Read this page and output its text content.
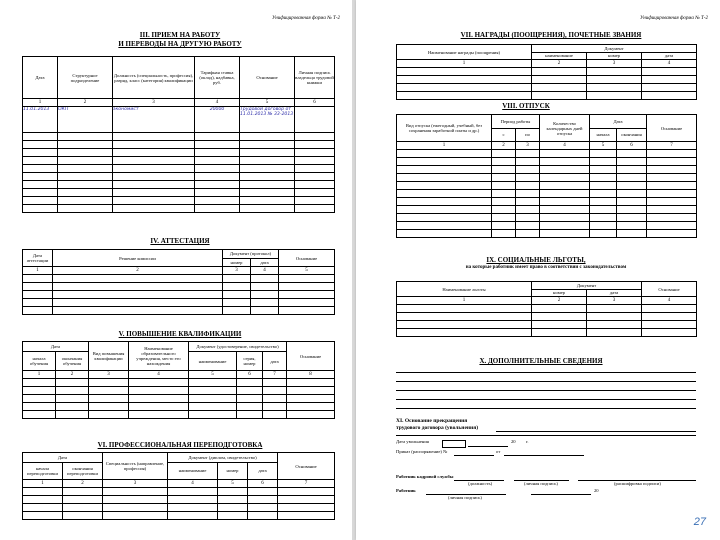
Унифицированная форма № Т-2
III. ПРИЕМ НА РАБОТУ
И ПЕРЕВОДЫ НА ДРУГУЮ РАБОТУ
Дата	Структурное подразделение	Должность (специальность, профессия), разряд, класс (категория) квалификации	Тарифная ставка (оклад), надбавка, руб.	Основание	Личная подпись владельца трудовой книжки
1	2	3	4	5	6
11.01.2013	ОКП	экономист	20000	Трудовой договор от 11.01.2013 № 33-2013	

IV. АТТЕСТАЦИЯ
Дата аттестации	Решение комиссии	Документ (протокол)		Основание
		номер	дата	
1	2	3	4	5

V. ПОВЫШЕНИЕ КВАЛИФИКАЦИИ
Дата		Вид повышения квалификации	Наименование образовательного учреждения, место его нахождения	Документ (удостоверение, свидетельство)			Основание
начала обучения	окончания обучения			наименование	серия, номер	дата	
1	2	3	4	5	6	7	8

VI. ПРОФЕССИОНАЛЬНАЯ ПЕРЕПОДГОТОВКА
Дата		Специальность (направление, профессия)	Документ (диплом, свидетельство)			Основание
начала переподготовки	окончания переподготовки		наименование	номер	дата	
1	2	3	4	5	6	7

Унифицированная форма № Т-2
VII. НАГРАДЫ (ПООЩРЕНИЯ), ПОЧЕТНЫЕ ЗВАНИЯ
Наименование награды (поощрения)	Документ		
	наименование	номер	дата
1	2	3	4

VIII. ОТПУСК
Вид отпуска (ежегодный, учебный, без сохранения заработной платы и др.)	Период работы		Количество календарных дней отпуска	Дата		Основание
	с	по		начала	окончания	
1	2	3	4	5	6	7

IX. СОЦИАЛЬНЫЕ ЛЬГОТЫ,
на которые работник имеет право в соответствии с законодательством
Наименование льготы	Документ		Основание
	номер	дата	
1	2	3	4

X. ДОПОЛНИТЕЛЬНЫЕ СВЕДЕНИЯ
XI. Основание прекращения
трудового договора (увольнения)
Дата увольнения	20 г.
Приказ (распоряжение) №	от
Работник кадровой службы
(должность)	(личная подпись)	(расшифровка подписи)
Работник
(личная подпись)
20
27
